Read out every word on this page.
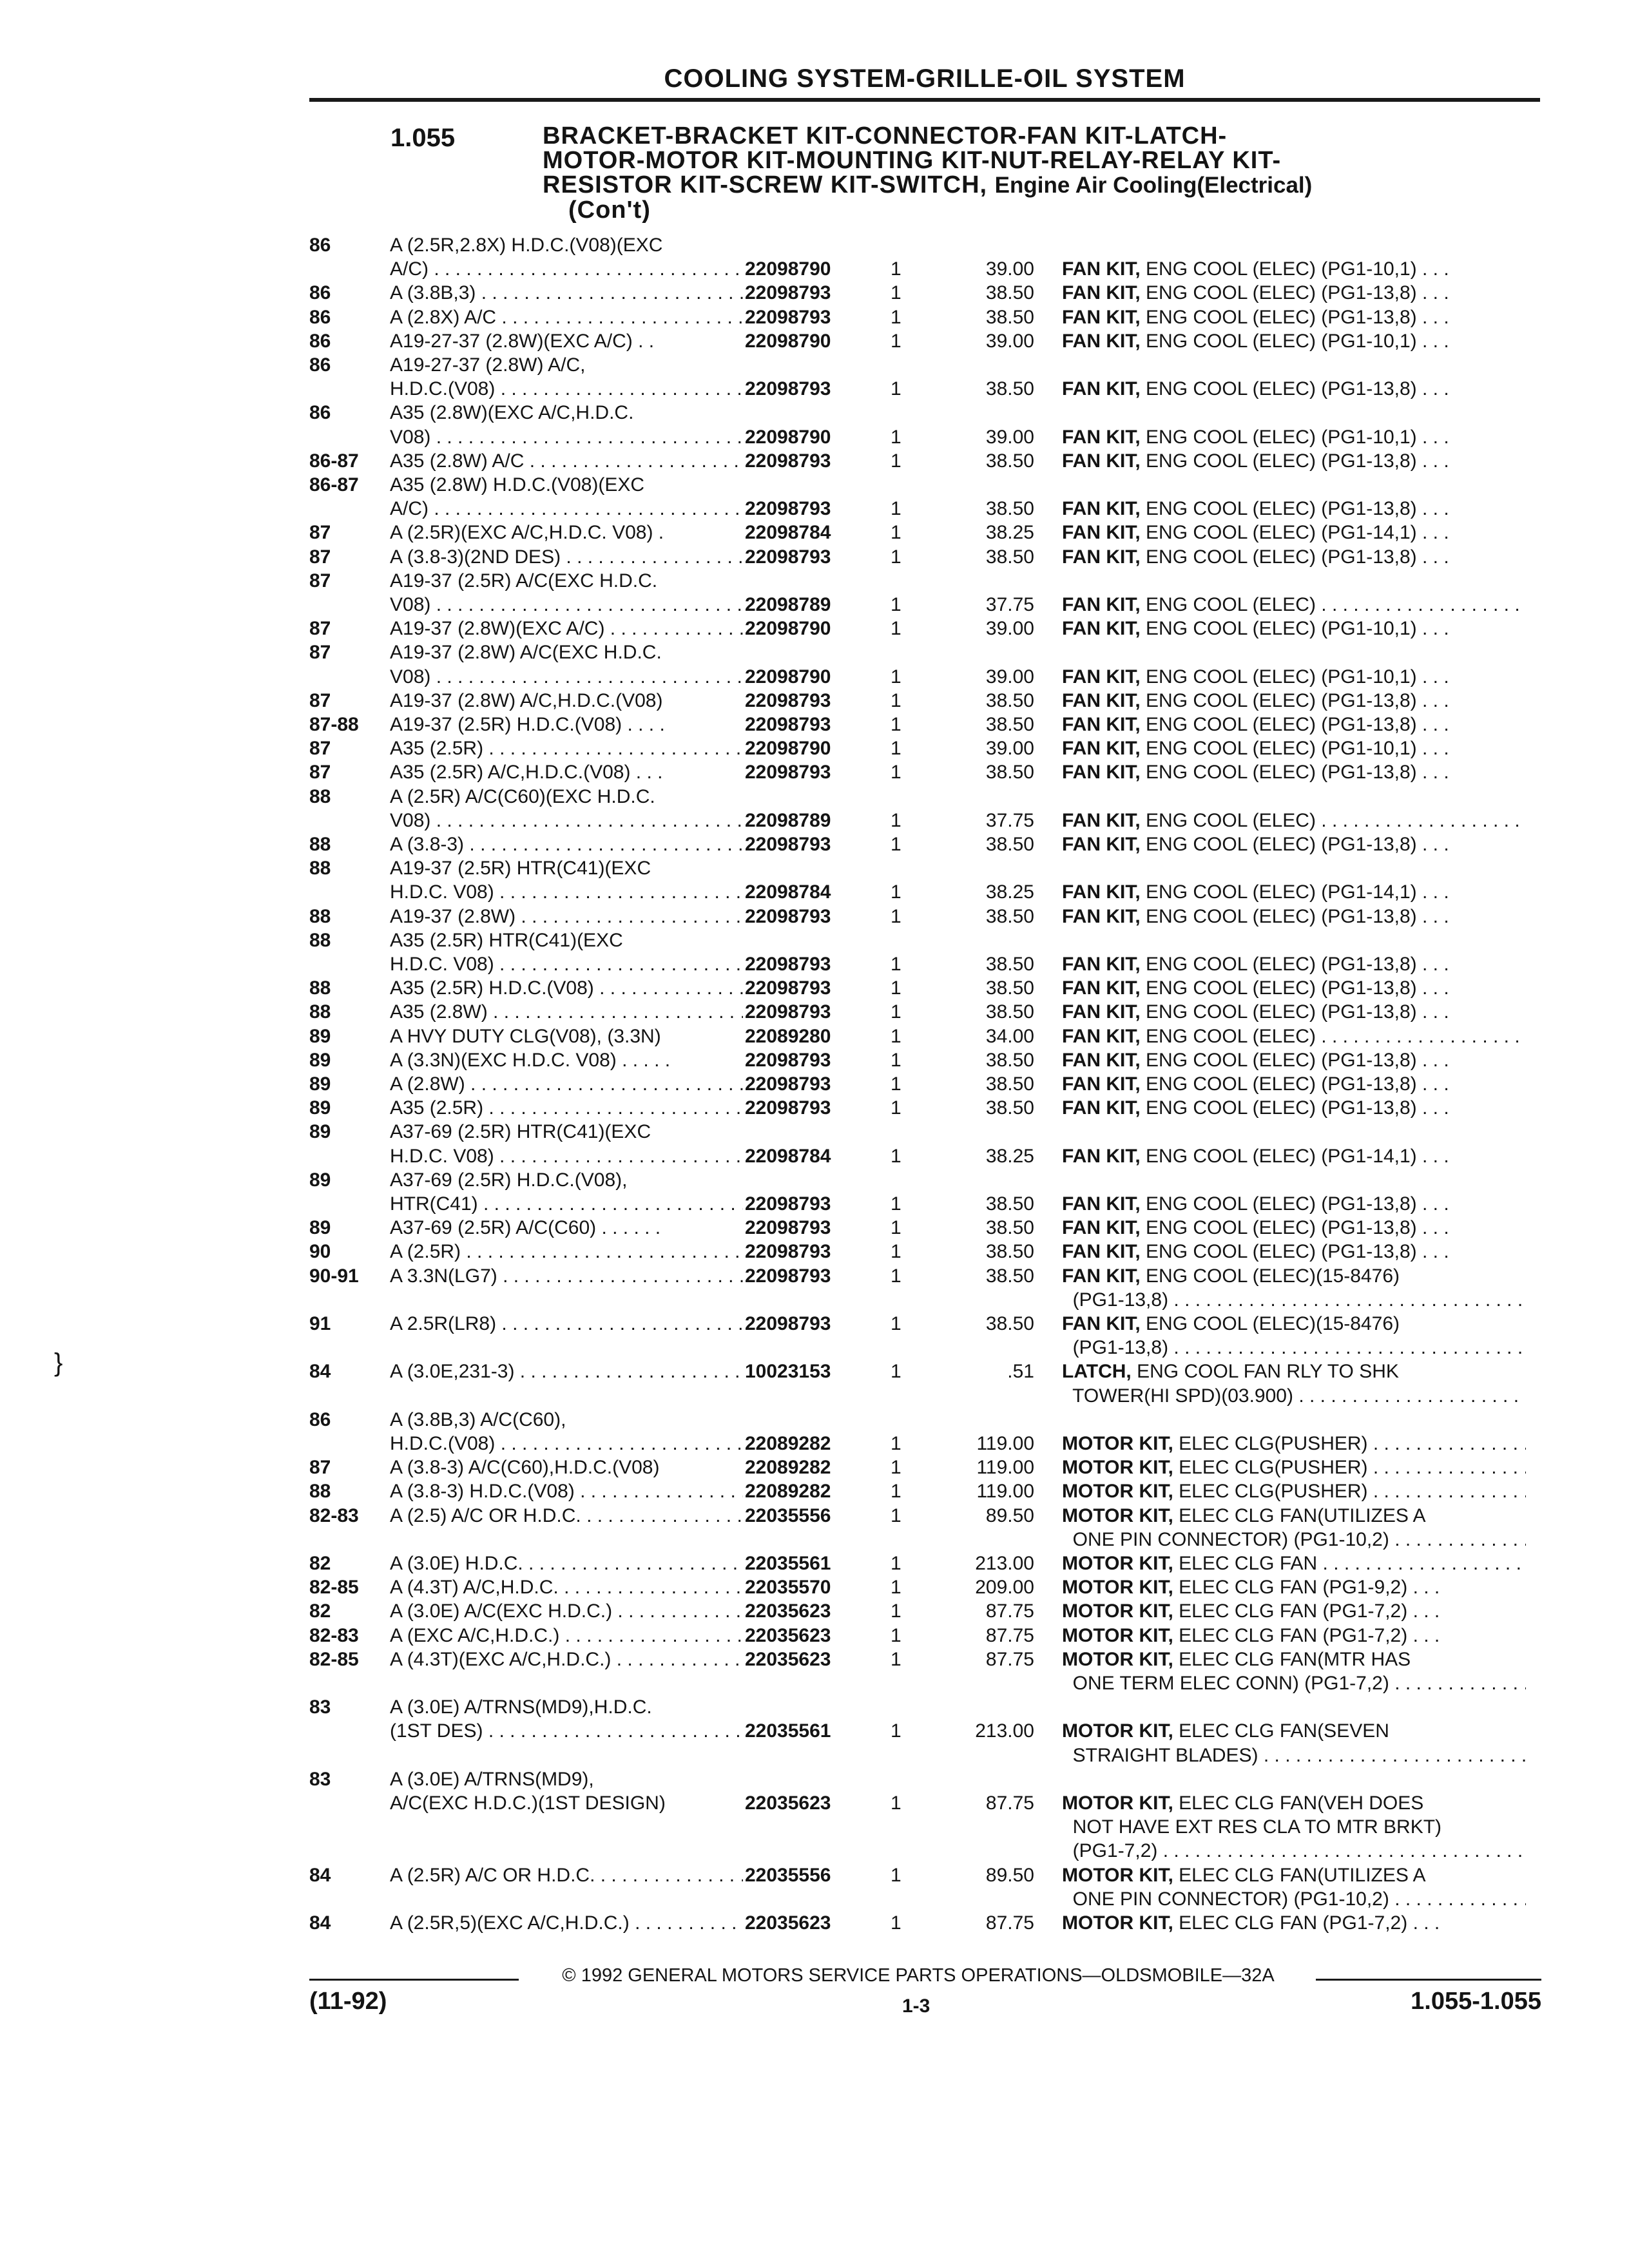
COOLING SYSTEM-GRILLE-OIL SYSTEM
1.055	BRACKET-BRACKET KIT-CONNECTOR-FAN KIT-LATCH-
MOTOR-MOTOR KIT-MOUNTING KIT-NUT-RELAY-RELAY KIT-
RESISTOR KIT-SCREW KIT-SWITCH, Engine Air Cooling(Electrical)
(Con't)
86	A (2.5R,2.8X) H.D.C.(V08)(EXC
A/C) . . .	22098790	1	39.00 FAN KIT, ENG COOL (ELEC) (PG1-10,1) . . .
86	A (3.8B,3) . . .	22098793	1	38.50 FAN KIT, ENG COOL (ELEC) (PG1-13,8) . . .
86	A (2.8X) A/C . . .	22098793	1	38.50 FAN KIT, ENG COOL (ELEC) (PG1-13,8) . . .
86	A19-27-37 (2.8W)(EXC A/C) . .	22098790	1	39.00 FAN KIT, ENG COOL (ELEC) (PG1-10,1) . . .
86	A19-27-37 (2.8W) A/C,
H.D.C.(V08) . . .	22098793	1	38.50 FAN KIT, ENG COOL (ELEC) (PG1-13,8) . . .
86	A35 (2.8W)(EXC A/C,H.D.C.
V08) . . .	22098790	1	39.00 FAN KIT, ENG COOL (ELEC) (PG1-10,1) . . .
86-87	A35 (2.8W) A/C . . .	22098793	1	38.50 FAN KIT, ENG COOL (ELEC) (PG1-13,8) . . .
86-87	A35 (2.8W) H.D.C.(V08)(EXC
A/C) . . .	22098793	1	38.50 FAN KIT, ENG COOL (ELEC) (PG1-13,8) . . .
87	A (2.5R)(EXC A/C,H.D.C. V08) .	22098784	1	38.25 FAN KIT, ENG COOL (ELEC) (PG1-14,1) . . .
87	A (3.8-3)(2ND DES) . . .	22098793	1	38.50 FAN KIT, ENG COOL (ELEC) (PG1-13,8) . . .
87	A19-37 (2.5R) A/C(EXC H.D.C.
V08) . . .	22098789	1	37.75 FAN KIT, ENG COOL (ELEC) . . .
87	A19-37 (2.8W)(EXC A/C) . . .	22098790	1	39.00 FAN KIT, ENG COOL (ELEC) (PG1-10,1) . . .
87	A19-37 (2.8W) A/C(EXC H.D.C.
V08) . . .	22098790	1	39.00 FAN KIT, ENG COOL (ELEC) (PG1-10,1) . . .
87	A19-37 (2.8W) A/C,H.D.C.(V08)	22098793	1	38.50 FAN KIT, ENG COOL (ELEC) (PG1-13,8) . . .
87-88	A19-37 (2.5R) H.D.C.(V08) . . . .	22098793	1	38.50 FAN KIT, ENG COOL (ELEC) (PG1-13,8) . . .
87	A35 (2.5R) . . .	22098790	1	39.00 FAN KIT, ENG COOL (ELEC) (PG1-10,1) . . .
87	A35 (2.5R) A/C,H.D.C.(V08) . . .	22098793	1	38.50 FAN KIT, ENG COOL (ELEC) (PG1-13,8) . . .
88	A (2.5R) A/C(C60)(EXC H.D.C.
V08) . . .	22098789	1	37.75 FAN KIT, ENG COOL (ELEC) . . .
88	A (3.8-3) . . .	22098793	1	38.50 FAN KIT, ENG COOL (ELEC) (PG1-13,8) . . .
88	A19-37 (2.5R) HTR(C41)(EXC
H.D.C. V08) . . .	22098784	1	38.25 FAN KIT, ENG COOL (ELEC) (PG1-14,1) . . .
88	A19-37 (2.8W) . . .	22098793	1	38.50 FAN KIT, ENG COOL (ELEC) (PG1-13,8) . . .
88	A35 (2.5R) HTR(C41)(EXC
H.D.C. V08) . . .	22098793	1	38.50 FAN KIT, ENG COOL (ELEC) (PG1-13,8) . . .
88	A35 (2.5R) H.D.C.(V08) . . .	22098793	1	38.50 FAN KIT, ENG COOL (ELEC) (PG1-13,8) . . .
88	A35 (2.8W) . . .	22098793	1	38.50 FAN KIT, ENG COOL (ELEC) (PG1-13,8) . . .
89	A HVY DUTY CLG(V08), (3.3N)	22089280	1	34.00 FAN KIT, ENG COOL (ELEC) . . .
89	A (3.3N)(EXC H.D.C. V08) . . . . .	22098793	1	38.50 FAN KIT, ENG COOL (ELEC) (PG1-13,8) . . .
89	A (2.8W) . . .	22098793	1	38.50 FAN KIT, ENG COOL (ELEC) (PG1-13,8) . . .
89	A35 (2.5R) . . .	22098793	1	38.50 FAN KIT, ENG COOL (ELEC) (PG1-13,8) . . .
89	A37-69 (2.5R) HTR(C41)(EXC
H.D.C. V08) . . .	22098784	1	38.25 FAN KIT, ENG COOL (ELEC) (PG1-14,1) . . .
89	A37-69 (2.5R) H.D.C.(V08),
HTR(C41) . . .	22098793	1	38.50 FAN KIT, ENG COOL (ELEC) (PG1-13,8) . . .
89	A37-69 (2.5R) A/C(C60) . . . . . .	22098793	1	38.50 FAN KIT, ENG COOL (ELEC) (PG1-13,8) . . .
90	A (2.5R) . . .	22098793	1	38.50 FAN KIT, ENG COOL (ELEC) (PG1-13,8) . . .
90-91	A 3.3N(LG7) . . .	22098793	1	38.50 FAN KIT, ENG COOL (ELEC)(15-8476)
(PG1-13,8) . . .
91	A 2.5R(LR8) . . .	22098793	1	38.50 FAN KIT, ENG COOL (ELEC)(15-8476)
(PG1-13,8) . . .
84	A (3.0E,231-3) . . .	10023153	1	.51 LATCH, ENG COOL FAN RLY TO SHK
TOWER(HI SPD)(03.900) . . .
86	A (3.8B,3) A/C(C60),
H.D.C.(V08) . . .	22089282	1	119.00 MOTOR KIT, ELEC CLG(PUSHER) . . .
87	A (3.8-3) A/C(C60),H.D.C.(V08)	22089282	1	119.00 MOTOR KIT, ELEC CLG(PUSHER) . . .
88	A (3.8-3) H.D.C.(V08) . . .	22089282	1	119.00 MOTOR KIT, ELEC CLG(PUSHER) . . .
82-83	A (2.5) A/C OR H.D.C. . . .	22035556	1	89.50 MOTOR KIT, ELEC CLG FAN(UTILIZES A
ONE PIN CONNECTOR) (PG1-10,2) . . .
82	A (3.0E) H.D.C. . . .	22035561	1	213.00 MOTOR KIT, ELEC CLG FAN . . .
82-85	A (4.3T) A/C,H.D.C. . . .	22035570	1	209.00 MOTOR KIT, ELEC CLG FAN (PG1-9,2) . . .
82	A (3.0E) A/C(EXC H.D.C.) . . .	22035623	1	87.75 MOTOR KIT, ELEC CLG FAN (PG1-7,2) . . .
82-83	A (EXC A/C,H.D.C.) . . .	22035623	1	87.75 MOTOR KIT, ELEC CLG FAN (PG1-7,2) . . .
82-85	A (4.3T)(EXC A/C,H.D.C.) . . .	22035623	1	87.75 MOTOR KIT, ELEC CLG FAN(MTR HAS
ONE TERM ELEC CONN) (PG1-7,2) . . .
83	A (3.0E) A/TRNS(MD9),H.D.C.
(1ST DES) . . .	22035561	1	213.00 MOTOR KIT, ELEC CLG FAN(SEVEN
STRAIGHT BLADES) . . .
83	A (3.0E) A/TRNS(MD9),
A/C(EXC H.D.C.)(1ST DESIGN)	22035623	1	87.75 MOTOR KIT, ELEC CLG FAN(VEH DOES
NOT HAVE EXT RES CLA TO MTR BRKT)
(PG1-7,2) . . .
84	A (2.5R) A/C OR H.D.C. . . .	22035556	1	89.50 MOTOR KIT, ELEC CLG FAN(UTILIZES A
ONE PIN CONNECTOR) (PG1-10,2) . . .
84	A (2.5R,5)(EXC A/C,H.D.C.) . . .	22035623	1	87.75 MOTOR KIT, ELEC CLG FAN (PG1-7,2) . . .
© 1992 GENERAL MOTORS SERVICE PARTS OPERATIONS—OLDSMOBILE—32A
(11-92)	1-3	1.055-1.055
}
